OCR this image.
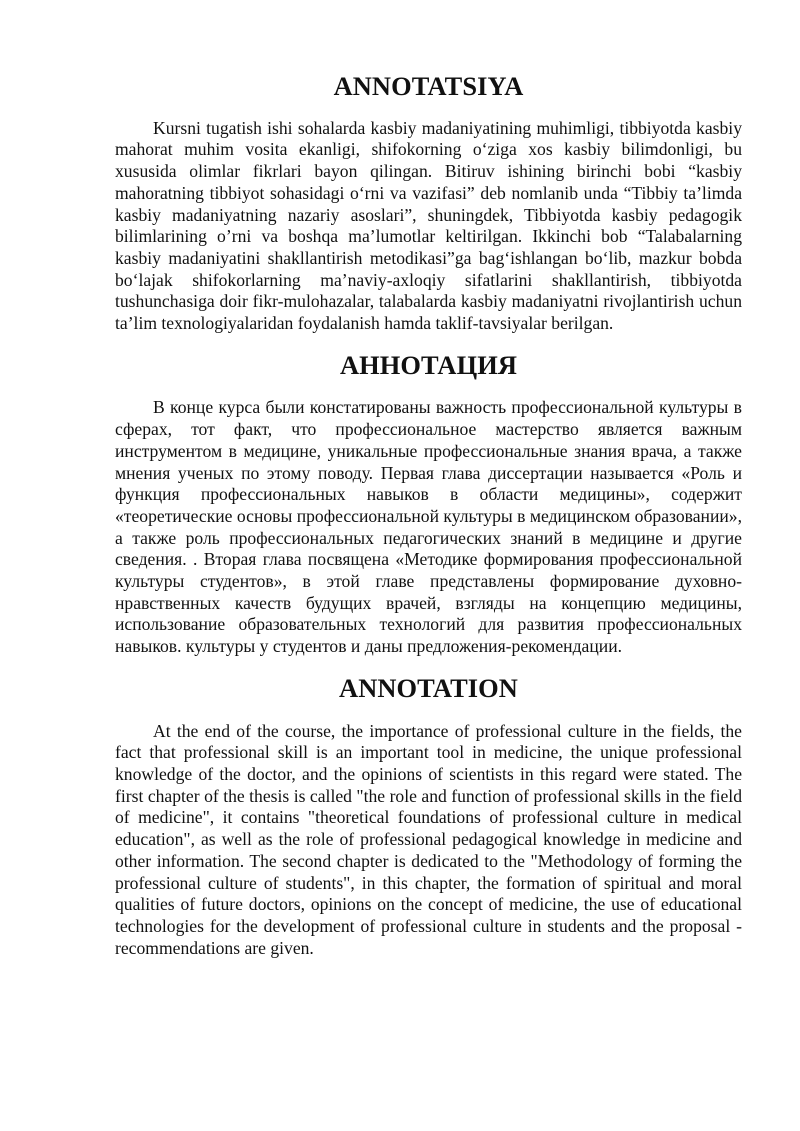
ANNOTATSIYA

Kursni tugatish ishi sohalarda kasbiy madaniyatining muhimligi, tibbiyotda kasbiy mahorat muhim vosita ekanligi, shifokorning o‘ziga xos kasbiy bilimdonligi, bu xususida olimlar fikrlari bayon qilingan. Bitiruv ishining birinchi bobi “kasbiy mahoratning tibbiyot sohasidagi o‘rni va vazifasi” deb nomlanib unda “Tibbiy ta’limda kasbiy madaniyatning nazariy asoslari”, shuningdek, Tibbiyotda kasbiy pedagogik bilimlarining o’rni va boshqa ma’lumotlar keltirilgan. Ikkinchi bob “Talabalarning kasbiy madaniyatini shakllantirish metodikasi”ga bag‘ishlangan bo‘lib, mazkur bobda bo‘lajak shifokorlarning ma’naviy-axloqiy sifatlarini shakllantirish, tibbiyotda tushunchasiga doir fikr-mulohazalar, talabalarda kasbiy madaniyatni rivojlantirish uchun ta’lim texnologiyalaridan foydalanish hamda taklif-tavsiyalar berilgan.

АННОТАЦИЯ

В конце курса были констатированы важность профессиональной культуры в сферах, тот факт, что профессиональное мастерство является важным инструментом в медицине, уникальные профессиональные знания врача, а также мнения ученых по этому поводу. Первая глава диссертации называется «Роль и функция профессиональных навыков в области медицины», содержит «теоретические основы профессиональной культуры в медицинском образовании», а также роль профессиональных педагогических знаний в медицине и другие сведения. . Вторая глава посвящена «Методике формирования профессиональной культуры студентов», в этой главе представлены формирование духовно-нравственных качеств будущих врачей, взгляды на концепцию медицины, использование образовательных технологий для развития профессиональных навыков. культуры у студентов и даны предложения-рекомендации.

ANNOTATION

At the end of the course, the importance of professional culture in the fields, the fact that professional skill is an important tool in medicine, the unique professional knowledge of the doctor, and the opinions of scientists in this regard were stated. The first chapter of the thesis is called "the role and function of professional skills in the field of medicine", it contains "theoretical foundations of professional culture in medical education", as well as the role of professional pedagogical knowledge in medicine and other information. The second chapter is dedicated to the "Methodology of forming the professional culture of students", in this chapter, the formation of spiritual and moral qualities of future doctors, opinions on the concept of medicine, the use of educational technologies for the development of professional culture in students and the proposal -recommendations are given.
